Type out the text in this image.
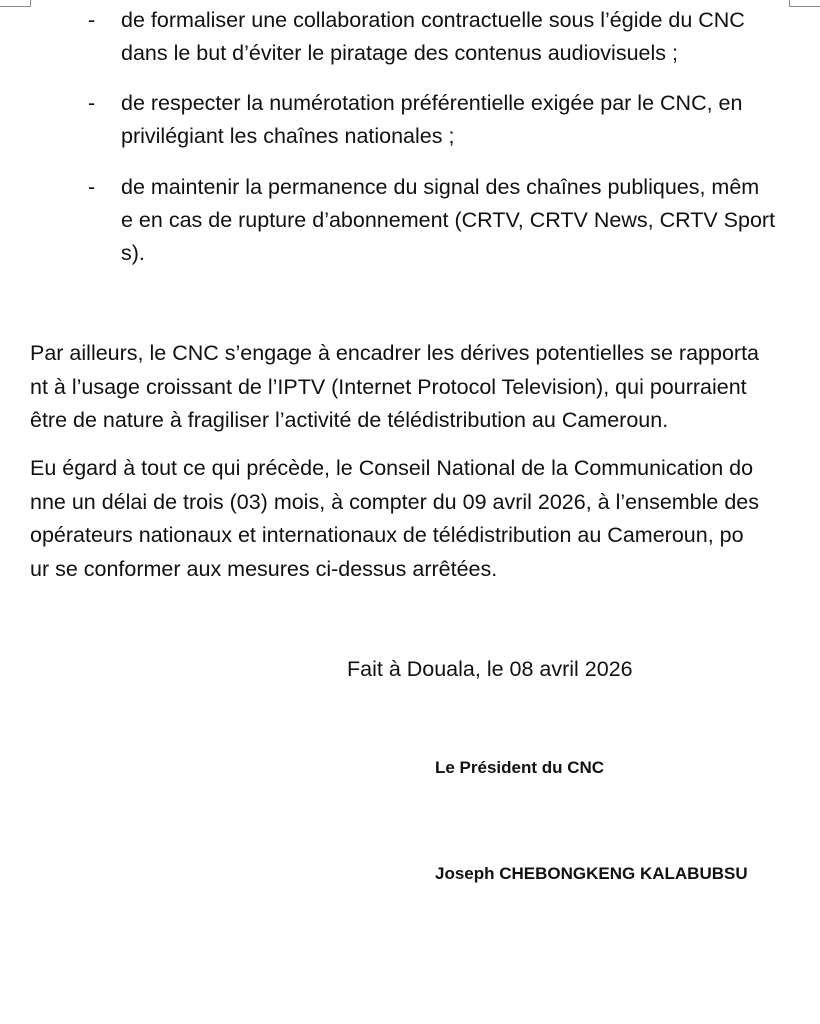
- de formaliser une collaboration contractuelle sous l’égide du CNC
dans le but d’éviter le piratage des contenus audiovisuels ;
- de respecter la numérotation préférentielle exigée par le CNC, en
privilégiant les chaînes nationales ;
- de maintenir la permanence du signal des chaînes publiques, mêm
e en cas de rupture d’abonnement (CRTV, CRTV News, CRTV Sport
s).
Par ailleurs, le CNC s’engage à encadrer les dérives potentielles se rapporta
nt à l’usage croissant de l’IPTV (Internet Protocol Television), qui pourraient
être de nature à fragiliser l’activité de télédistribution au Cameroun.
Eu égard à tout ce qui précède, le Conseil National de la Communication do
nne un délai de trois (03) mois, à compter du 09 avril 2026, à l’ensemble des
opérateurs nationaux et internationaux de télédistribution au Cameroun, po
ur se conformer aux mesures ci-dessus arrêtées.
Fait à Douala, le 08 avril 2026
Le Président du CNC
Joseph CHEBONGKENG KALABUBSU
